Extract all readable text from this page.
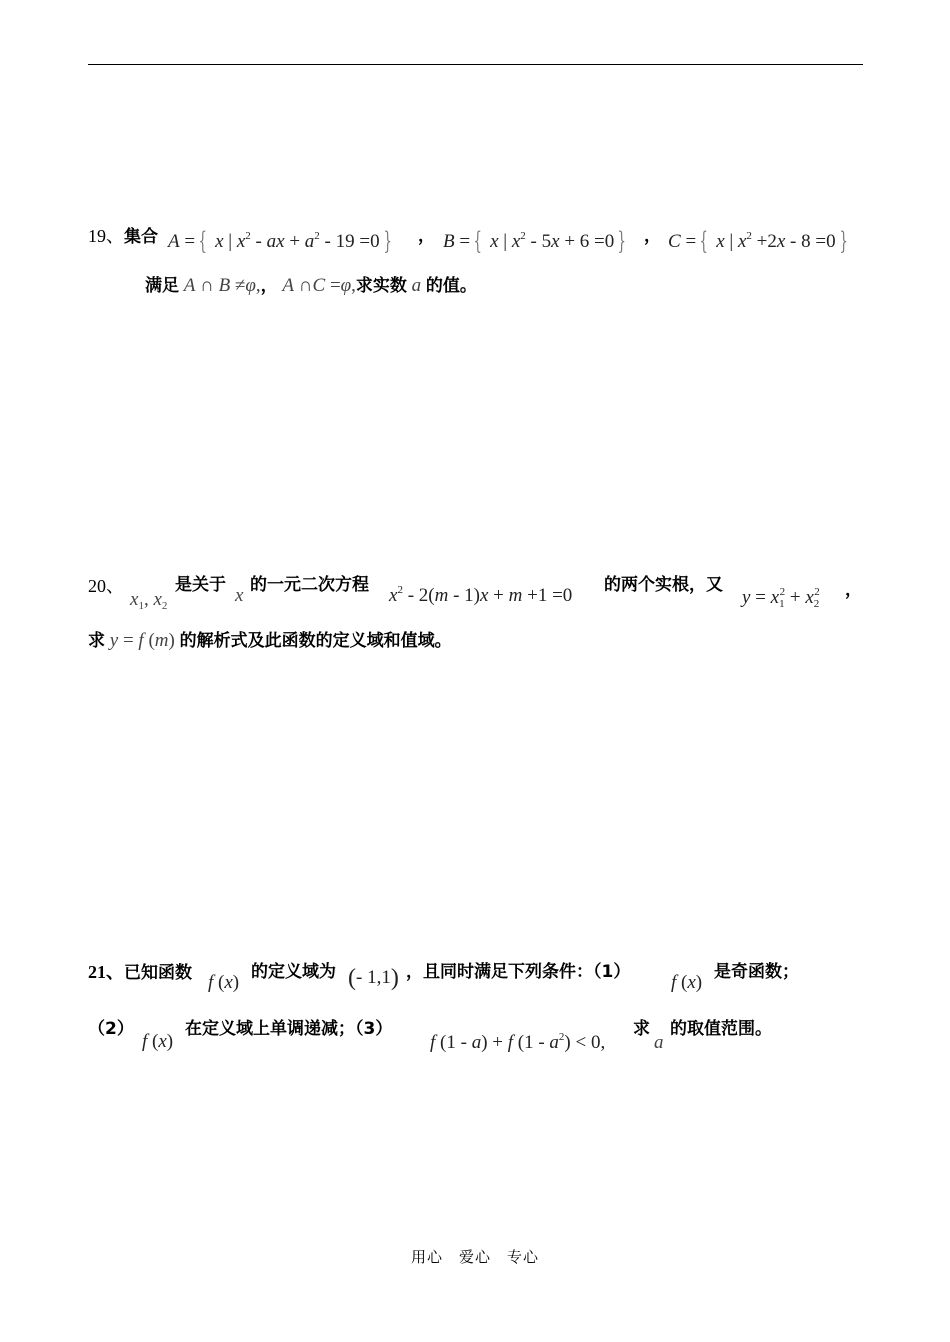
19、集合 A = { x | $x^2$ - ax + $a^2 - 19 =0$ } ， B = { x | $x^2 - 5x + 6 =0$ } ， C = { x | $x^2 +2x - 8 =0$ }
满足 A ∩ B ≠φ,， A ∩C =φ,求实数 a 的值。
20、
$x_1$, $x_2$
是关于 x 的一元二次方程 $x^2 - 2(m - 1)x + m +1 =0$ 的两个实根，又
$y = x_1^2 + x_2^2$ ，
求 y = f (m) 的解析式及此函数的定义域和值域。
21、已知函数 f (x) 的定义域为 (- 1,1) ，且同时满足下列条件：（1） f (x) 是奇函数；
（2）
f (x)
在定义域上单调递减；（3）
f (1 - a) + f $(1 - a^2) < 0$,
求
a
的取值范围。
用心　爱心　专心
